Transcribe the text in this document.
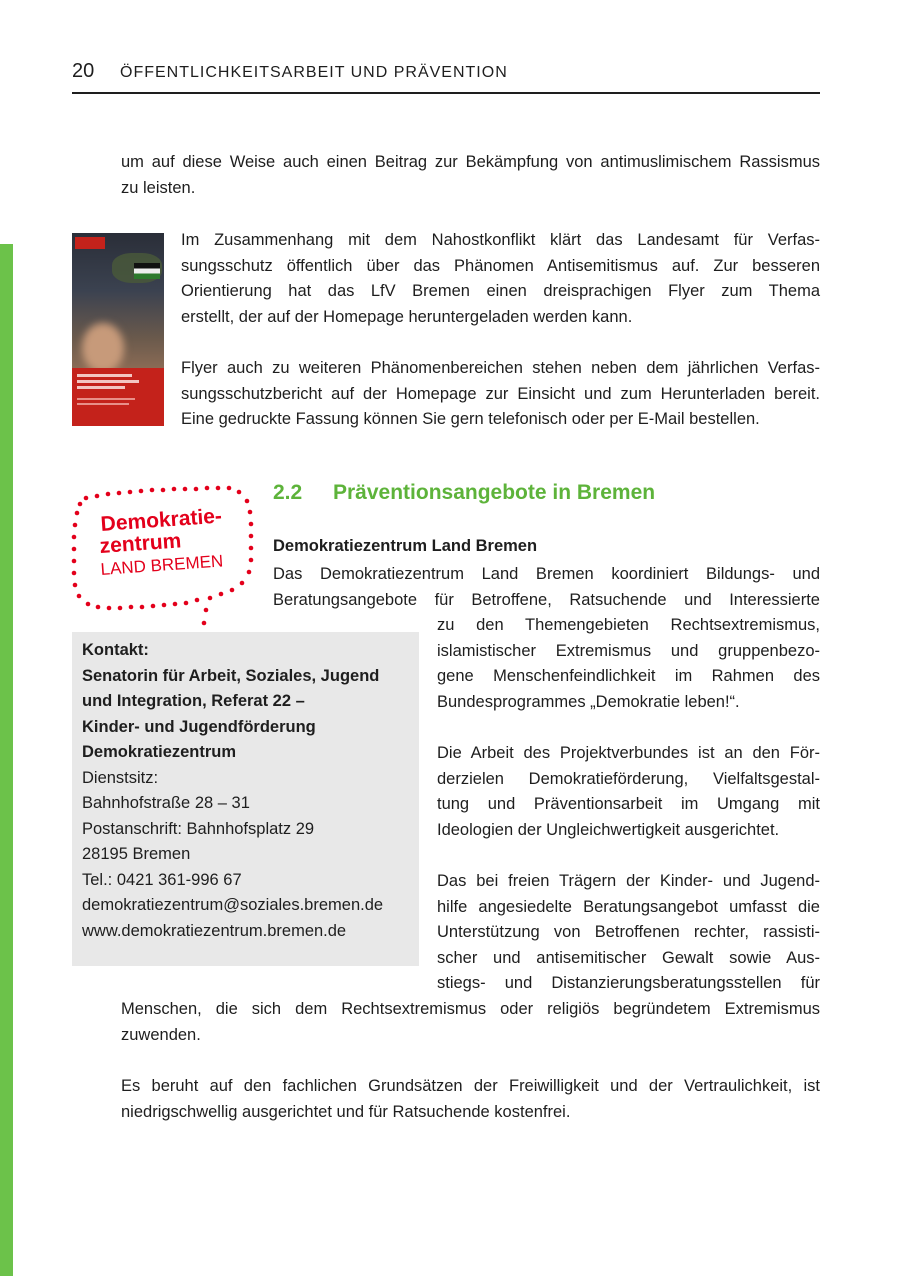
20 ÖFFENTLICHKEITSARBEIT UND PRÄVENTION

um auf diese Weise auch einen Beitrag zur Bekämpfung von antimuslimischem Rassismus
zu leisten.

Im Zusammenhang mit dem Nahostkonflikt klärt das Landesamt für Verfas-
sungsschutz öffentlich über das Phänomen Antisemitismus auf. Zur besseren
Orientierung hat das LfV Bremen einen dreisprachigen Flyer zum Thema
erstellt, der auf der Homepage heruntergeladen werden kann.

Flyer auch zu weiteren Phänomenbereichen stehen neben dem jährlichen Verfas-
sungsschutzbericht auf der Homepage zur Einsicht und zum Herunterladen bereit.
Eine gedruckte Fassung können Sie gern telefonisch oder per E-Mail bestellen.

Demokratie-
zentrum
LAND BREMEN
2.2 Präventionsangebote in Bremen
Demokratiezentrum Land Bremen

Das Demokratiezentrum Land Bremen koordiniert Bildungs- und
Beratungsangebote für Betroffene, Ratsuchende und Interessierte

Kontakt:
Senatorin für Arbeit, Soziales, Jugend
und Integration, Referat 22 –
Kinder- und Jugendförderung
Demokratiezentrum
Dienstsitz:
Bahnhofstraße 28 – 31
Postanschrift: Bahnhofsplatz 29
28195 Bremen
Tel.: 0421 361-996 67
demokratiezentrum@soziales.bremen.de
www.demokratiezentrum.bremen.de

zu den Themengebieten Rechtsextremismus,
islamistischer Extremismus und gruppenbezo-
gene Menschenfeindlichkeit im Rahmen des
Bundesprogrammes „Demokratie leben!“.

Die Arbeit des Projektverbundes ist an den För-
derzielen Demokratieförderung, Vielfaltsgestal-
tung und Präventionsarbeit im Umgang mit
Ideologien der Ungleichwertigkeit ausgerichtet.

Das bei freien Trägern der Kinder- und Jugend-
hilfe angesiedelte Beratungsangebot umfasst die
Unterstützung von Betroffenen rechter, rassisti-
scher und antisemitischer Gewalt sowie Aus-
stiegs- und Distanzierungsberatungsstellen für

Menschen, die sich dem Rechtsextremismus oder religiös begründetem Extremismus
zuwenden.

Es beruht auf den fachlichen Grundsätzen der Freiwilligkeit und der Vertraulichkeit, ist
niedrigschwellig ausgerichtet und für Ratsuchende kostenfrei.
